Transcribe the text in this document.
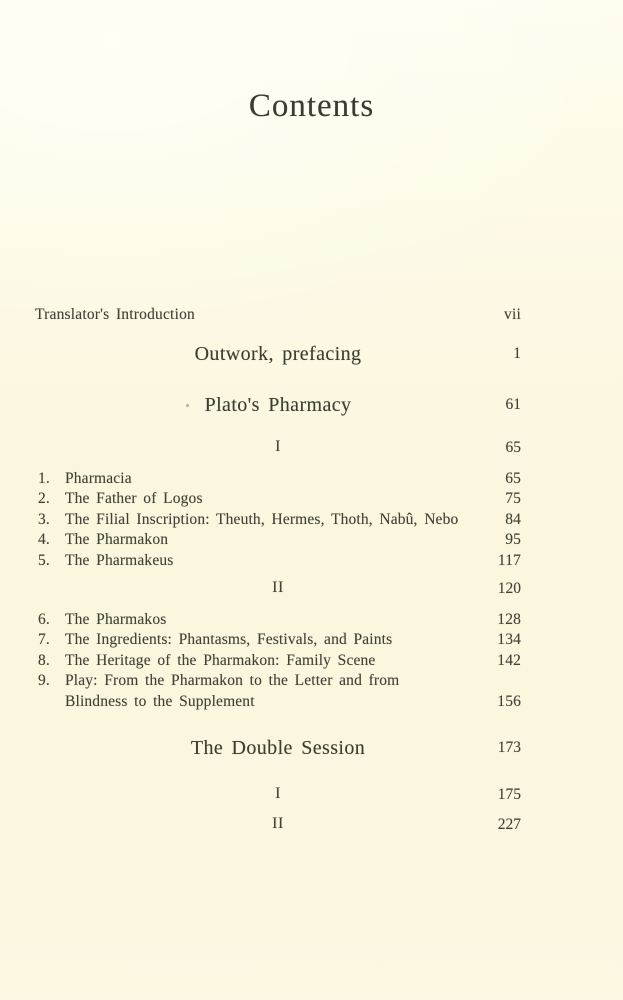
Contents
Translator's Introduction	vii
Outwork, prefacing	1
Plato's Pharmacy	61
I	65
1. Pharmacia	65
2. The Father of Logos	75
3. The Filial Inscription: Theuth, Hermes, Thoth, Nabû, Nebo	84
4. The Pharmakon	95
5. The Pharmakeus	117
II	120
6. The Pharmakos	128
7. The Ingredients: Phantasms, Festivals, and Paints	134
8. The Heritage of the Pharmakon: Family Scene	142
9. Play: From the Pharmakon to the Letter and from
Blindness to the Supplement	156
The Double Session	173
I	175
II	227
